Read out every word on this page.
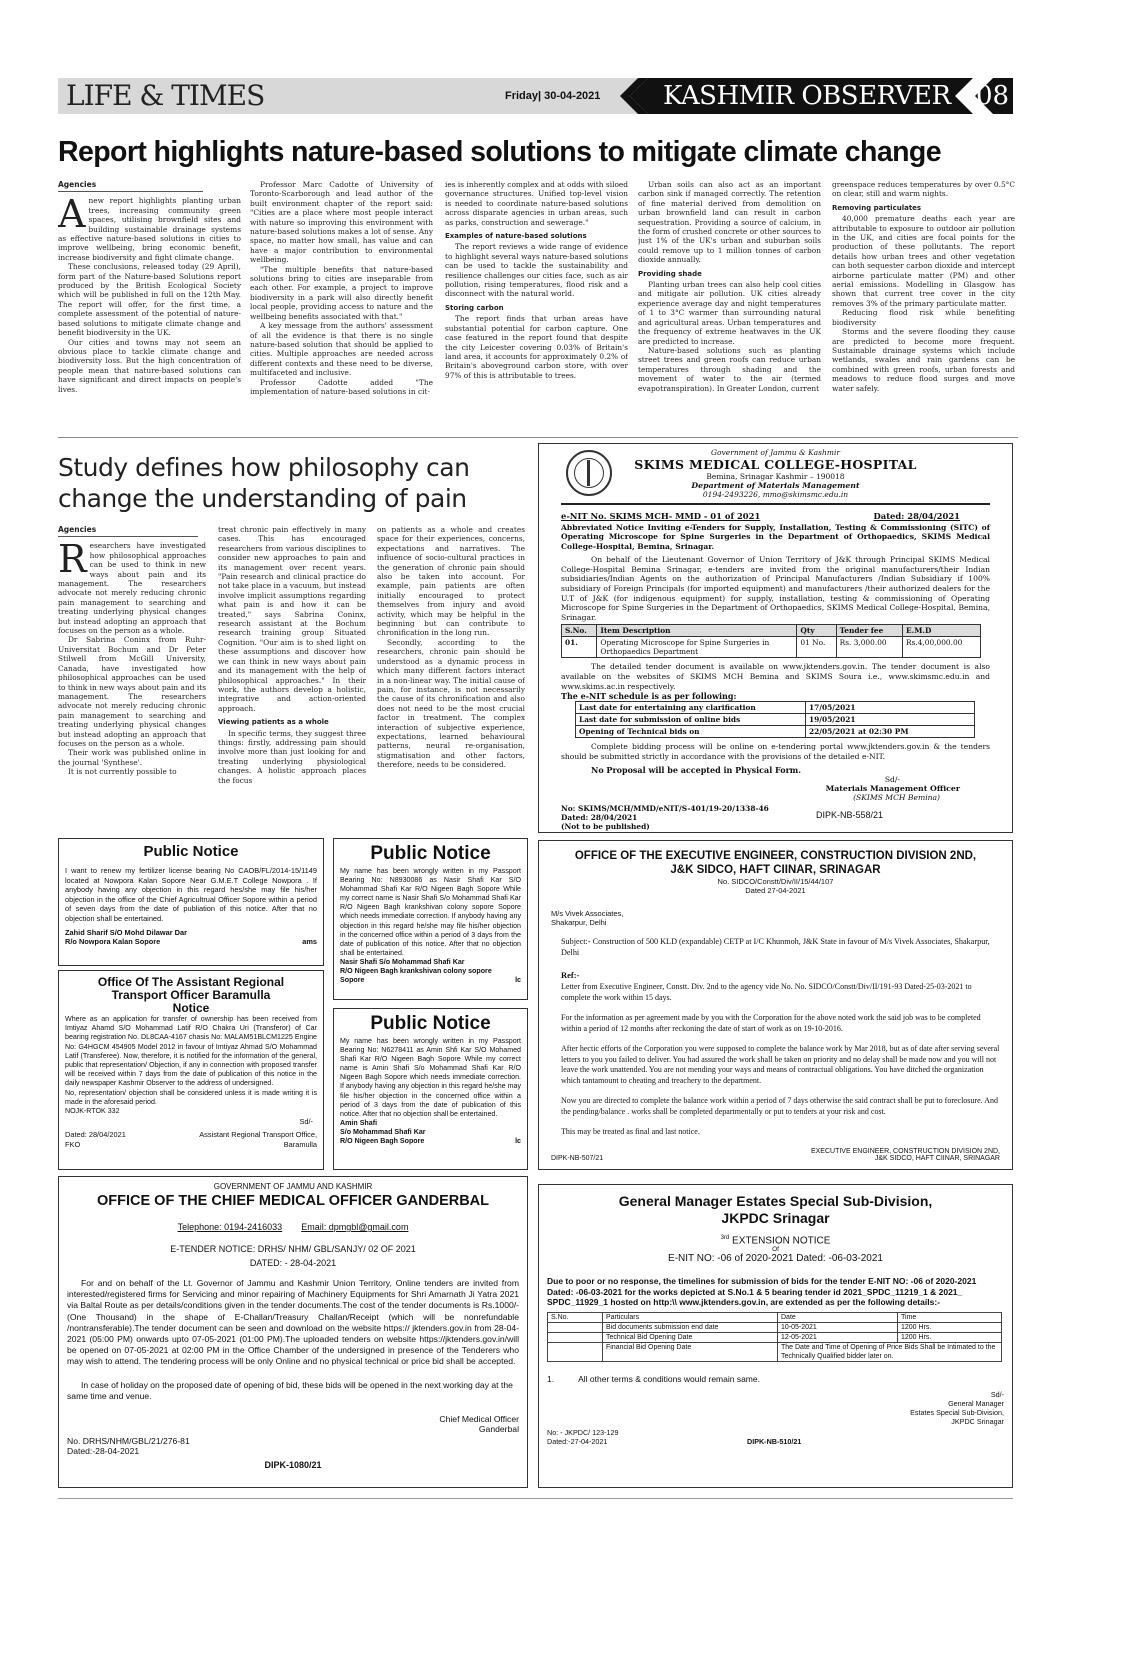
LIFE & TIMES	Friday| 30-04-2021 KASHMIR OBSERVER 08
Report highlights nature-based solutions to mitigate climate change
Agencies
A new report highlights planting urban trees, increasing community green spaces, utilising brownfield sites and building sustainable drainage systems as effective nature-based solutions in cities to improve wellbeing, bring economic benefit, increase biodiversity and fight climate change.

These conclusions, released today (29 April), form part of the Nature-based Solutions report produced by the British Ecological Society which will be published in full on the 12th May. The report will offer, for the first time, a complete assessment of the potential of nature-based solutions to mitigate climate change and benefit biodiversity in the UK.

Our cities and towns may not seem an obvious place to tackle climate change and biodiversity loss. But the high concentration of people mean that nature-based solutions can have significant and direct impacts on people's lives.

Professor Marc Cadotte of University of Toronto-Scarborough and lead author of the built environment chapter of the report said: "Cities are a place where most people interact with nature so improving this environment with nature-based solutions makes a lot of sense. Any space, no matter how small, has value and can have a major contribution to environmental wellbeing.

"The multiple benefits that nature-based solutions bring to cities are inseparable from each other. For example, a project to improve biodiversity in a park will also directly benefit local people, providing access to nature and the wellbeing benefits associated with that."

A key message from the authors' assessment of all the evidence is that there is no single nature-based solution that should be applied to cities. Multiple approaches are needed across different contexts and these need to be diverse, multifaceted and inclusive.

Professor Cadotte added "The implementation of nature-based solutions in cit-

ies is inherently complex and at odds with siloed governance structures. Unified top-level vision is needed to coordinate nature-based solutions across disparate agencies in urban areas, such as parks, construction and sewerage."

Examples of nature-based solutions

The report reviews a wide range of evidence to highlight several ways nature-based solutions can be used to tackle the sustainability and resilience challenges our cities face, such as air pollution, rising temperatures, flood risk and a disconnect with the natural world.

Storing carbon

The report finds that urban areas have substantial potential for carbon capture. One case featured in the report found that despite the city Leicester covering 0.03% of Britain's land area, it accounts for approximately 0.2% of Britain's aboveground carbon store, with over 97% of this is attributable to trees.

Urban soils can also act as an important carbon sink if managed correctly. The retention of fine material derived from demolition on urban brownfield land can result in carbon sequestration. Providing a source of calcium, in the form of crushed concrete or other sources to just 1% of the UK's urban and suburban soils could remove up to 1 million tonnes of carbon dioxide annually.

Providing shade

Planting urban trees can also help cool cities and mitigate air pollution. UK cities already experience average day and night temperatures of 1 to 3°C warmer than surrounding natural and agricultural areas. Urban temperatures and the frequency of extreme heatwaves in the UK are predicted to increase.

Nature-based solutions such as planting street trees and green roofs can reduce urban temperatures through shading and the movement of water to the air (termed evapotranspiration). In Greater London, current

greenspace reduces temperatures by over 0.5°C on clear, still and warm nights.

Removing particulates

40,000 premature deaths each year are attributable to exposure to outdoor air pollution in the UK, and cities are focal points for the production of these pollutants. The report details how urban trees and other vegetation can both sequester carbon dioxide and intercept airborne particulate matter (PM) and other aerial emissions. Modelling in Glasgow has shown that current tree cover in the city removes 3% of the primary particulate matter.

Reducing flood risk while benefiting biodiversity

Storms and the severe flooding they cause are predicted to become more frequent. Sustainable drainage systems which include wetlands, swales and rain gardens can be combined with green roofs, urban forests and meadows to reduce flood surges and move water safely.

Study defines how philosophy can change the understanding of pain
Agencies
R esearchers have investigated how philosophical approaches can be used to think in new ways about pain and its management. The researchers advocate not merely reducing chronic pain management to searching and treating underlying physical changes but instead adopting an approach that focuses on the person as a whole.

Dr Sabrina Coninx from Ruhr-Universitat Bochum and Dr Peter Stilwell from McGill University, Canada, have investigated how philosophical approaches can be used to think in new ways about pain and its management. The researchers advocate not merely reducing chronic pain management to searching and treating underlying physical changes but instead adopting an approach that focuses on the person as a whole.

Their work was published online in the journal 'Synthese'.

It is not currently possible to

treat chronic pain effectively in many cases. This has encouraged researchers from various disciplines to consider new approaches to pain and its management over recent years. "Pain research and clinical practice do not take place in a vacuum, but instead involve implicit assumptions regarding what pain is and how it can be treated," says Sabrina Coninx, research assistant at the Bochum research training group Situated Cognition. "Our aim is to shed light on these assumptions and discover how we can think in new ways about pain and its management with the help of philosophical approaches." In their work, the authors develop a holistic, integrative and action-oriented approach.

Viewing patients as a whole

In specific terms, they suggest three things: firstly, addressing pain should involve more than just looking for and treating underlying physiological changes. A holistic approach places the focus

on patients as a whole and creates space for their experiences, concerns, expectations and narratives. The influence of socio-cultural practices in the generation of chronic pain should also be taken into account. For example, pain patients are often initially encouraged to protect themselves from injury and avoid activity, which may be helpful in the beginning but can contribute to chronification in the long run.

Secondly, according to the researchers, chronic pain should be understood as a dynamic process in which many different factors interact in a non-linear way. The initial cause of pain, for instance, is not necessarily the cause of its chronification and also does not need to be the most crucial factor in treatment. The complex interaction of subjective experience, expectations, learned behavioural patterns, neural re-organisation, stigmatisation and other factors, therefore, needs to be considered.

Government of Jammu & Kashmir
SKIMS MEDICAL COLLEGE-HOSPITAL
Bemina, Srinagar Kashmir – 190018
Department of Materials Management
0194-2493226, mmo@skimsmc.edu.in
e-NIT No. SKIMS MCH- MMD - 01 of 2021	Dated: 28/04/2021
Abbreviated Notice Inviting e-Tenders for Supply, Installation, Testing & Commissioning (SITC) of Operating Microscope for Spine Surgeries in the Department of Orthopaedics, SKIMS Medical College-Hospital, Bemina, Srinagar.
On behalf of the Lieutenant Governor of Union Territory of J&K through Principal SKIMS Medical College-Hospital Bemina Srinagar, e-tenders are invited from the original manufacturers/their Indian subsidiaries/Indian Agents on the authorization of Principal Manufacturers /Indian Subsidiary if 100% subsidiary of Foreign Principals (for imported equipment) and manufacturers /their authorized dealers for the U.T of J&K (for indigenous equipment) for supply, installation, testing & commissioning of Operating Microscope for Spine Surgeries in the Department of Orthopaedics, SKIMS Medical College-Hospital, Bemina, Srinagar.
S.No.	Item Description	Qty	Tender fee	E.M.D
01.	Operating Microscope for Spine Surgeries in Orthopaedics Department	01 No.	Rs. 3,000.00	Rs.4,00,000.00
The detailed tender document is available on www.jktenders.gov.in. The tender document is also available on the websites of SKIMS MCH Bemina and SKIMS Soura i.e., www.skimsmc.edu.in and www.skims.ac.in respectively.
The e-NIT schedule is as per following:
Last date for entertaining any clarification	17/05/2021
Last date for submission of online bids	19/05/2021
Opening of Technical bids on	22/05/2021 at 02:30 PM
Complete bidding process will be online on e-tendering portal www.jktenders.gov.in & the tenders should be submitted strictly in accordance with the provisions of the detailed e-NIT.
No Proposal will be accepted in Physical Form.
Sd/-
Materials Management Officer
(SKIMS MCH Bemina)
No: SKIMS/MCH/MMD/eNIT/S-401/19-20/1338-46
Dated: 28/04/2021
(Not to be published)
DIPK-NB-558/21
Public Notice
I want to renew my fertilizer license bearing No CAOB/FL/2014-15/1149 located at Nowpora Kalan Sopore Near G.M.E.T College Nowpora . If anybody having any objection in this regard hes/she may file his/her objection in the office of the Chief Agricultrual Officer Sopore within a period of seven days from the date of publiation of this notice. After that no objection shall be entertained.
Zahid Sharif S/O Mohd Dilawar Dar
R/o Nowpora Kalan Sopore	ams
Office Of The Assistant Regional
Transport Officer Baramulla
Notice
Where as an application for transfer of ownership has been received from Imtiyaz Ahamd S/O Mohammad Latif R/O Chakra Uri (Transferor) of Car bearing registration No. DL8CAA-4167 chasis No: MALAM51BLCM1225 Engine No: G4HGCM 454905 Model 2012 in favour of Imtiyaz Ahmad S/O Mohammad Latif (Transferee). Now, therefore, it is notified for the information of the general, public that representation/ Objection, if any in connection with proposed transfer will be received within 7 days from the date of publication of this notice in the daily newspaper Kashmir Observer to the address of undersigned.
No, representation/ objection shall be considered unless it is made writing it is made in the aforesaid period.
NOJK-RTOK 332
Sd/-
Dated: 28/04/2021	Assistant Regional Transport Office,
FKO	Baramulla
Public Notice
My name has been wrongly written in my Passport Bearing No: N8930086 as Nasir Shafi Kar S/O Mohammad Shafi Kar R/O Nigeen Bagh Sopore While my correct name is Nasir Shafi S/o Mohammad Shafi Kar R/O Nigeen Bagh krankshivan colony sopore Sopore which needs immediate correction. If anybody having any objection in this regard he/she may file his/her objection in the concerned office within a period of 3 days from the date of publication of this notice. After that no objection shall be entertained.
Nasir Shafi S/o Mohammad Shafi Kar
R/O Nigeen Bagh krankshivan colony sopore
Sopore	lc
Public Notice
My name has been wrongly written in my Passport Bearing No: N6278411 as Amin Shfi Kar S/O Mohamed Shafi Kar R/O Nigeen Bagh Sopore While my correct name is Amin Shafi S/o Mohammad Shafi Kar R/O Nigeen Bagh Sopore which needs immediate correction. If anybody having any objection in this regard he/she may file his/her objection in the concerned office within a period of 3 days from the date of publication of this notice. After that no objection shall be entertained.
Amin Shafi
S/o Mohammad Shafi Kar
R/O Nigeen Bagh Sopore	lc
OFFICE OF THE EXECUTIVE ENGINEER, CONSTRUCTION DIVISION 2ND,
J&K SIDCO, HAFT CIINAR, SRINAGAR
No. SIDCO/Constt/Div/II/15/44/107
Dated 27-04-2021
M/s Vivek Associates,
Shakarpur, Delhi
Subject:- Construction of 500 KLD (expandable) CETP at I/C Khunmoh, J&K State in favour of M/s Vivek Associates, Shakarpur, Delhi
Ref:-
Letter from Executive Engineer, Constt. Div. 2nd to the agency vide No. No. SIDCO/Constt/Div/II/191-93 Dated-25-03-2021 to complete the work within 15 days.
For the information as per agreement made by you with the Corporation for the above noted work the said job was to be completed within a period of 12 months after reckoning the date of start of work as on 19-10-2016.
After hectic efforts of the Corporation you were supposed to complete the balance work by Mar 2018, but as of date after serving several letters to you you failed to deliver. You had assured the work shall be taken on priority and no delay shall be made now and you will not leave the work unattended. You are not mending your ways and means of contractual obligations. You have ditched the organization which tantamount to cheating and treachery to the department.
Now you are directed to complete the balance work within a period of 7 days otherwise the said contract shall be put to foreclosure. And the pending/balance . works shall be completed departmentally or put to tenders at your risk and cost.
This may be treated as final and last notice.
EXECUTIVE ENGINEER, CONSTRUCTION DIVISION 2ND,
DIPK-NB-507/21	J&K SIDCO, HAFT CIINAR, SRINAGAR
GOVERNMENT OF JAMMU AND KASHMIR
OFFICE OF THE CHIEF MEDICAL OFFICER GANDERBAL
Telephone: 0194-2416033 Email: dpmgbl@gmail.com
E-TENDER NOTICE: DRHS/ NHM/ GBL/SANJY/ 02 OF 2021
DATED: - 28-04-2021
For and on behalf of the Lt. Governor of Jammu and Kashmir Union Territory, Online tenders are invited from interested/registered firms for Servicing and minor repairing of Machinery Equipments for Shri Amarnath Ji Yatra 2021 via Baltal Route as per details/conditions given in the tender documents.The cost of the tender documents is Rs.1000/-(One Thousand) in the shape of E-Challan/Treasury Challan/Receipt (which will be nonrefundable /nontransferable).The tender document can be seen and download on the website https:// jktenders.gov.in from 28-04-2021 (05:00 PM) onwards upto 07-05-2021 (01:00 PM).The uploaded tenders on website https://jktenders.gov.in/will be opened on 07-05-2021 at 02:00 PM in the Office Chamber of the undersigned in presence of the Tenderers who may wish to attend. The tendering process will be only Online and no physical technical or price bid shall be accepted.
In case of holiday on the proposed date of opening of bid, these bids will be opened in the next working day at the same time and venue.
Chief Medical Officer
Ganderbal
No. DRHS/NHM/GBL/21/276-81
Dated:-28-04-2021
DIPK-1080/21
General Manager Estates Special Sub-Division,
JKPDC Srinagar
$^{3rd}$ EXTENSION NOTICE
Of
E-NIT NO: -06 of 2020-2021 Dated: -06-03-2021
Due to poor or no response, the timelines for submission of bids for the tender E-NIT NO: -06 of 2020-2021 Dated: -06-03-2021 for the works depicted at S.No.1 & 5 bearing tender id 2021_SPDC_11219_1 & 2021_ SPDC_11929_1 hosted on http:\\ www.jktenders.gov.in, are extended as per the following details:-
S.No.	Particulars	Date	Time
	Bid documents submission end date	10-05-2021	1200 Hrs.
	Technical Bid Opening Date	12-05-2021	1200 Hrs.
	Financial Bid Opening Date	The Date and Time of Opening of Price Bids Shall be Intimated to the Technically Qualified bidder later on.	
1.	All other terms & conditions would remain same.
Sd/-
General Manager
Estates Special Sub-Division,
JKPDC Srinagar
No: - JKPDC/ 123-129
Dated:-27-04-2021	DIPK-NB-510/21
